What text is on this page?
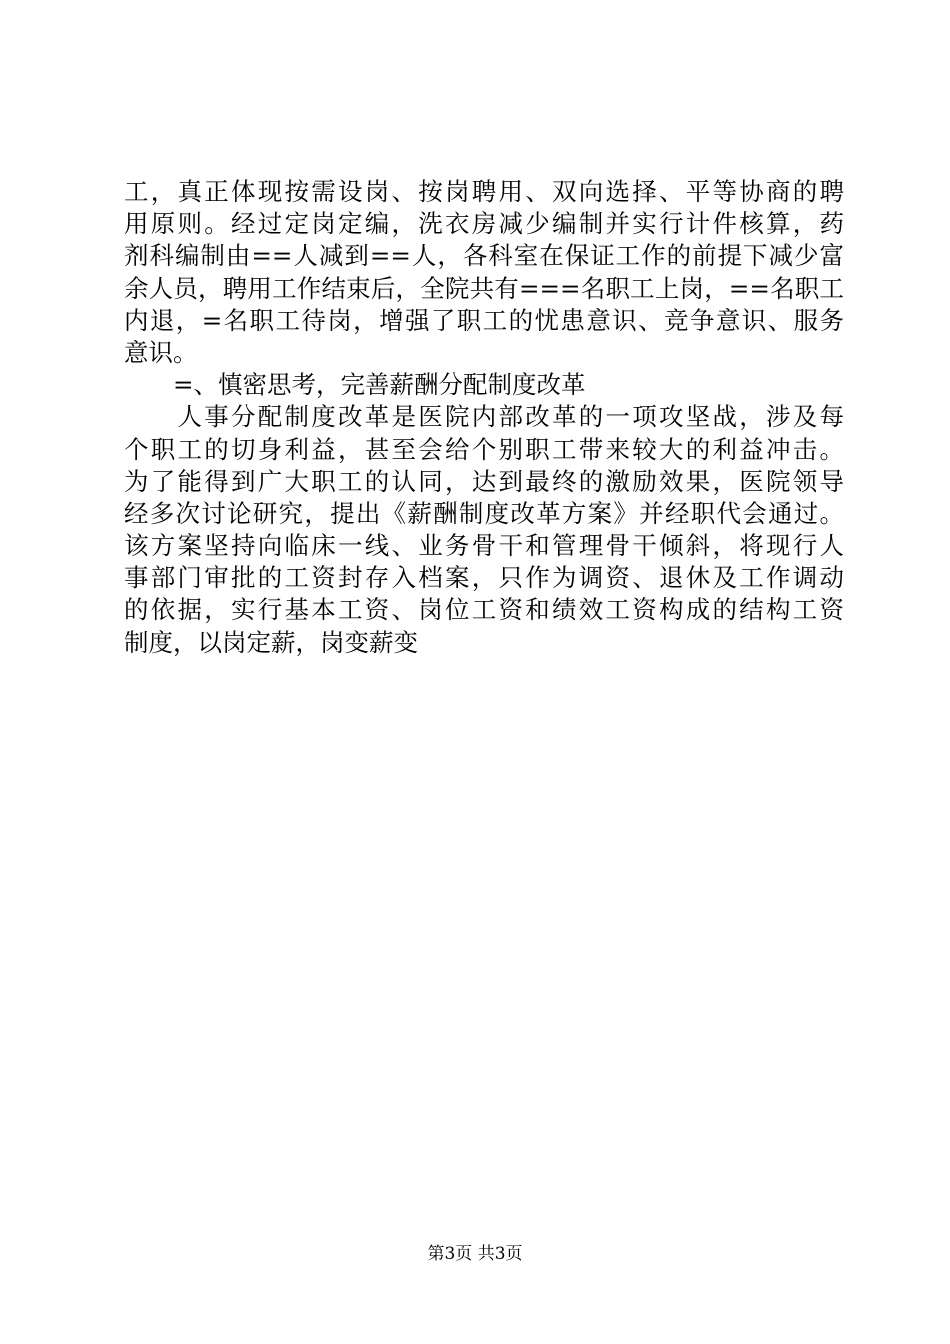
工，真正体现按需设岗、按岗聘用、双向选择、平等协商的聘
用原则。经过定岗定编，洗衣房减少编制并实行计件核算，药
剂科编制由==人减到==人，各科室在保证工作的前提下减少富
余人员，聘用工作结束后，全院共有===名职工上岗，==名职工
内退，=名职工待岗，增强了职工的忧患意识、竞争意识、服务
意识。
　　=、慎密思考，完善薪酬分配制度改革
　　人事分配制度改革是医院内部改革的一项攻坚战，涉及每
个职工的切身利益，甚至会给个别职工带来较大的利益冲击。
为了能得到广大职工的认同，达到最终的激励效果，医院领导
经多次讨论研究，提出《薪酬制度改革方案》并经职代会通过。
该方案坚持向临床一线、业务骨干和管理骨干倾斜，将现行人
事部门审批的工资封存入档案，只作为调资、退休及工作调动
的依据，实行基本工资、岗位工资和绩效工资构成的结构工资
制度，以岗定薪，岗变薪变
第3页 共3页
